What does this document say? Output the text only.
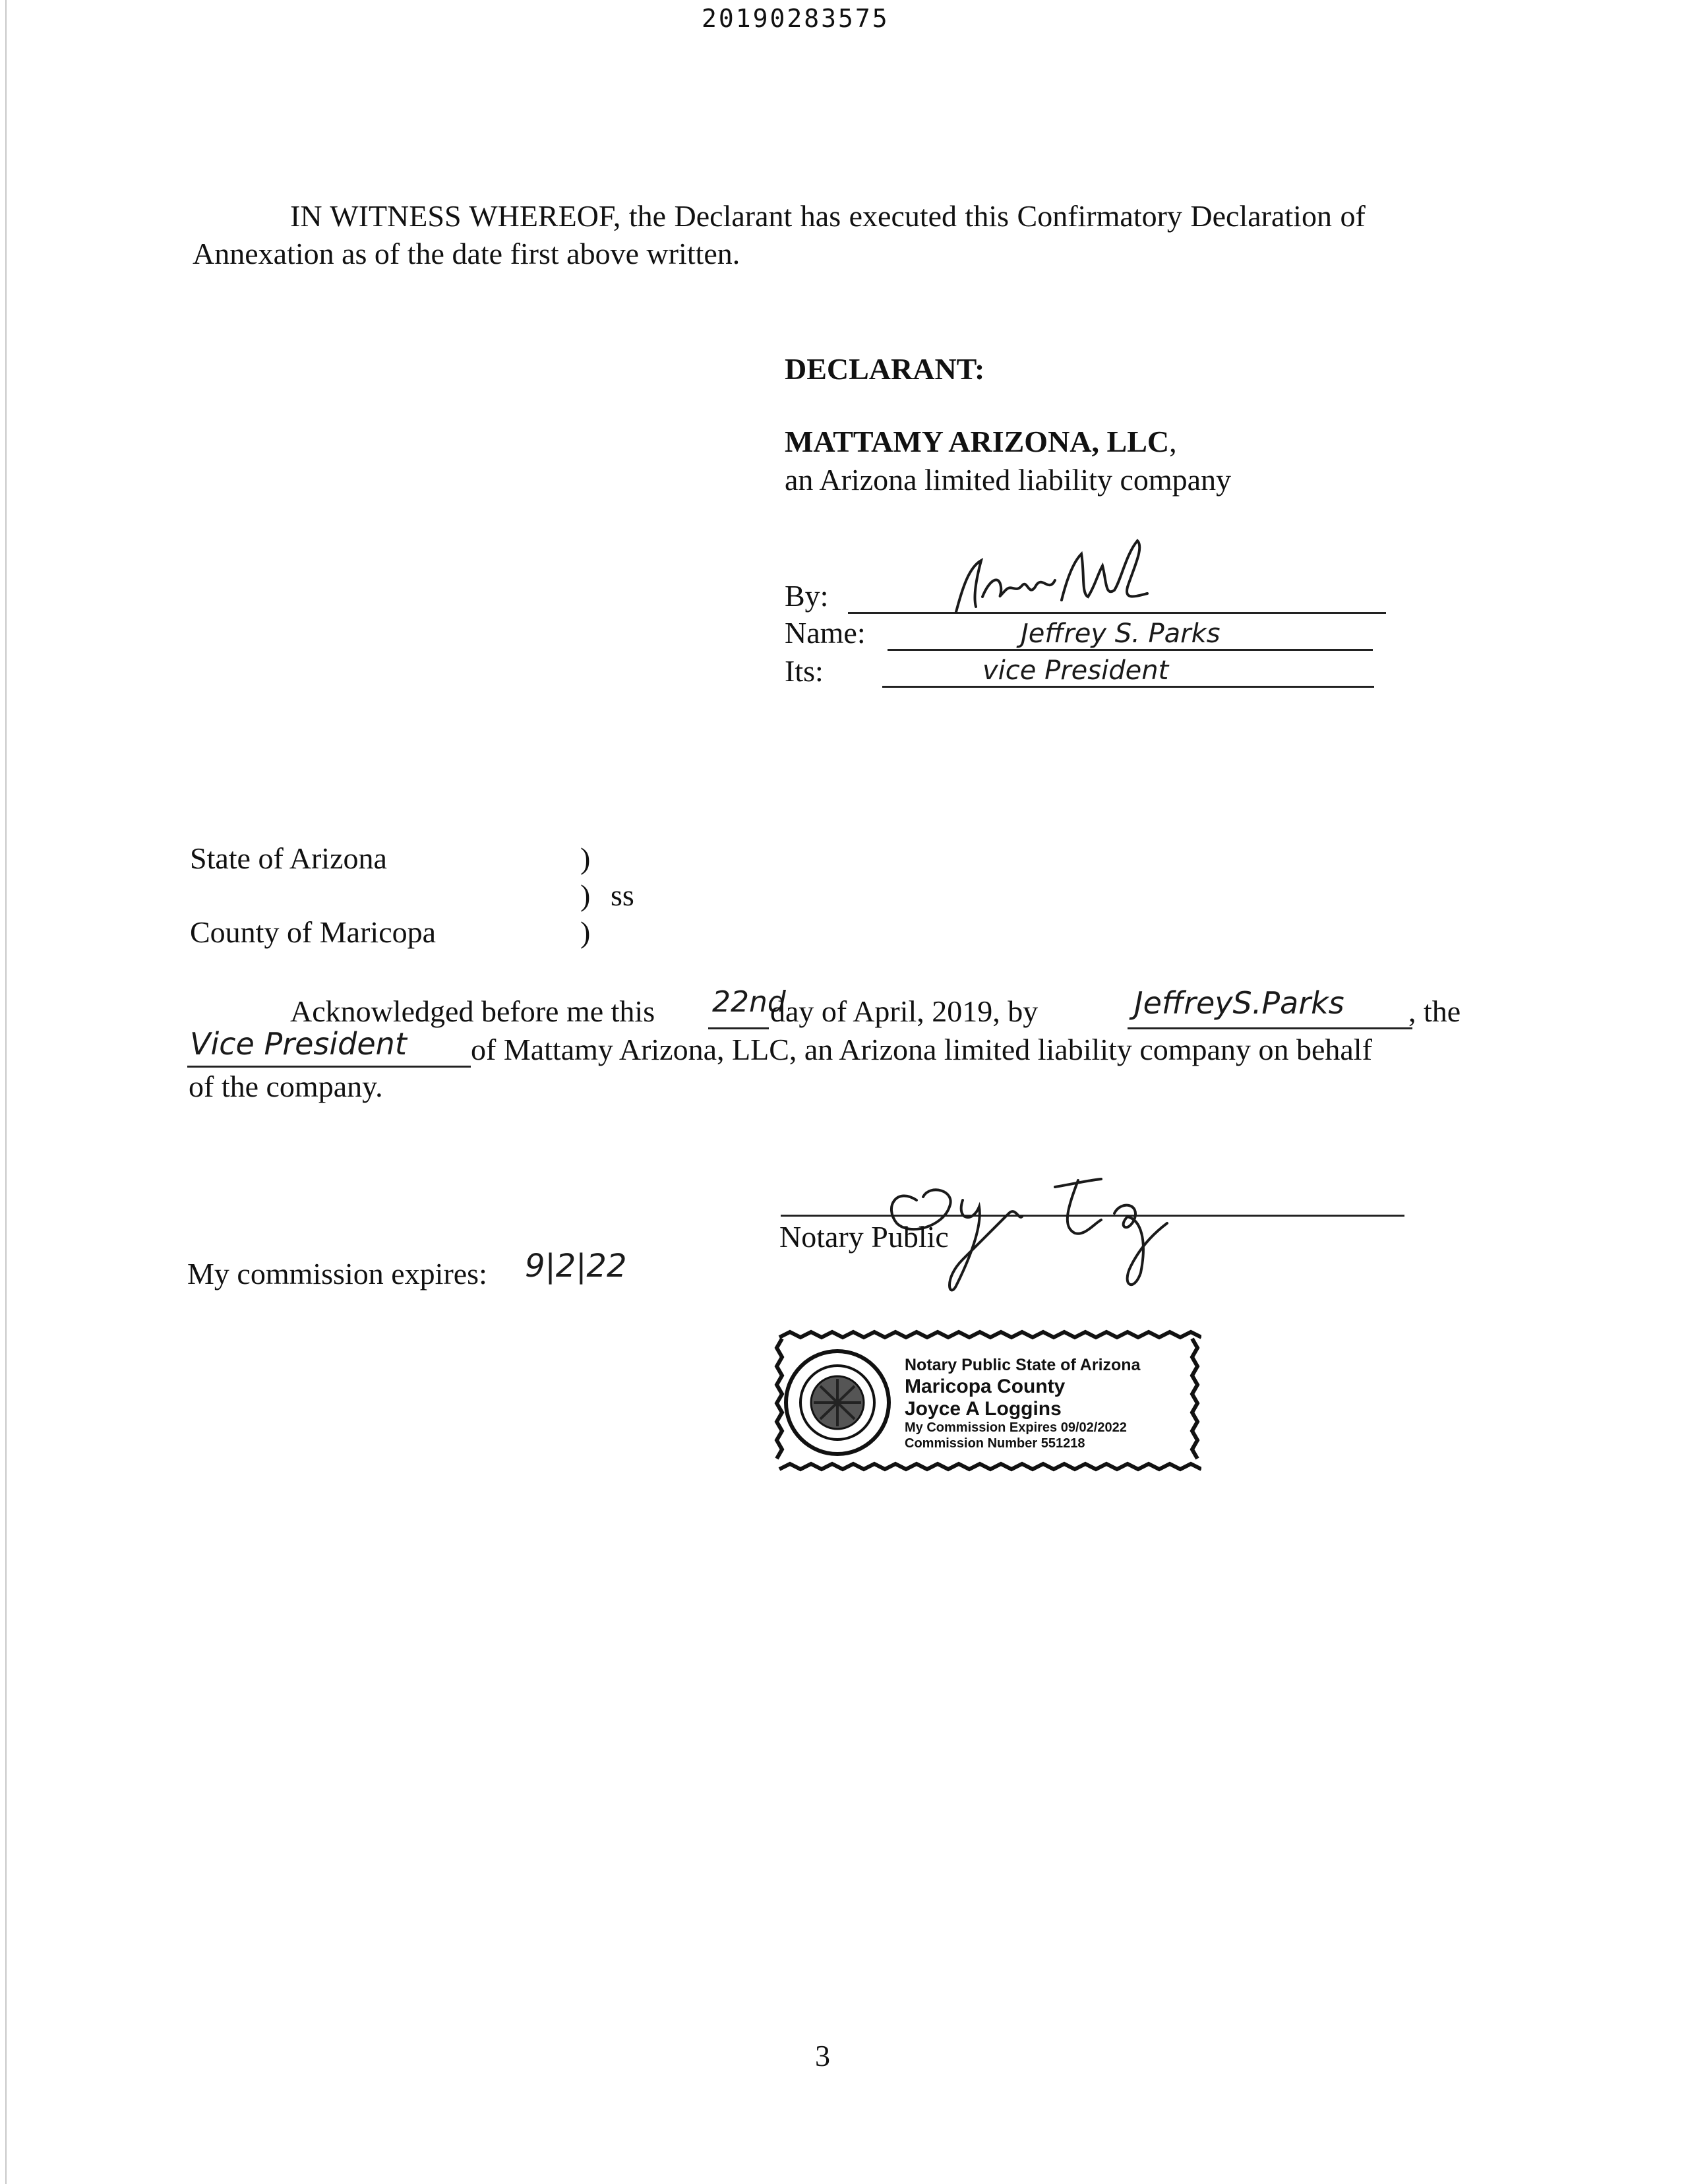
20190283575
IN WITNESS WHEREOF, the Declarant has executed this Confirmatory Declaration of
Annexation as of the date first above written.
DECLARANT:
MATTAMY ARIZONA, LLC,
an Arizona limited liability company
By:
Name:	Jeffrey S. Parks
Its:	vice President
State of Arizona	)
) ss
County of Maricopa	)
Acknowledged before me this	22nd
day of April, 2019, by	JeffreyS.Parks , the
Vice President of Mattamy Arizona, LLC, an Arizona limited liability company on behalf
of the company.
Notary Public
My commission expires: 9|2|22
Notary Public State of Arizona
Maricopa County
Joyce A Loggins
My Commission Expires 09/02/2022
Commission Number 551218
3
